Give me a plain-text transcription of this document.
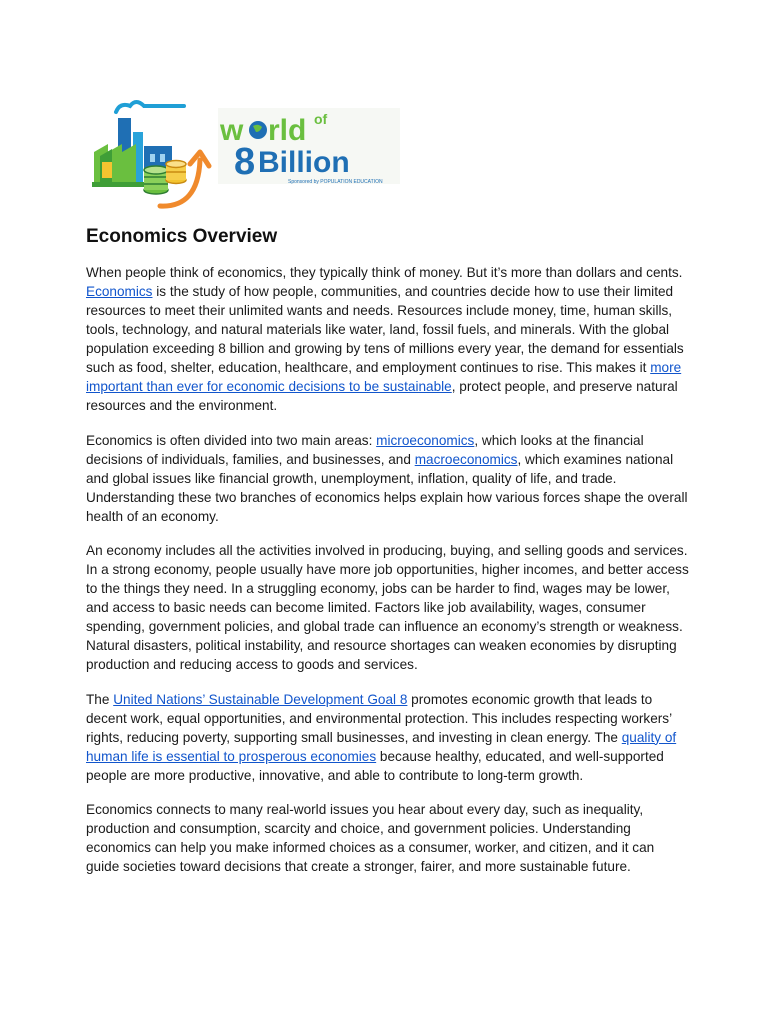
w rld of
8 Billion
Sponsored by POPULATION EDUCATION
Economics Overview

When people think of economics, they typically think of money. But it’s more than dollars and cents. Economics is the study of how people, communities, and countries decide how to use their limited resources to meet their unlimited wants and needs. Resources include money, time, human skills, tools, technology, and natural materials like water, land, fossil fuels, and minerals. With the global population exceeding 8 billion and growing by tens of millions every year, the demand for essentials such as food, shelter, education, healthcare, and employment continues to rise. This makes it more important than ever for economic decisions to be sustainable, protect people, and preserve natural resources and the environment.

Economics is often divided into two main areas: microeconomics, which looks at the financial decisions of individuals, families, and businesses, and macroeconomics, which examines national and global issues like financial growth, unemployment, inflation, quality of life, and trade. Understanding these two branches of economics helps explain how various forces shape the overall health of an economy.

An economy includes all the activities involved in producing, buying, and selling goods and services. In a strong economy, people usually have more job opportunities, higher incomes, and better access to the things they need. In a struggling economy, jobs can be harder to find, wages may be lower, and access to basic needs can become limited. Factors like job availability, wages, consumer spending, government policies, and global trade can influence an economy’s strength or weakness. Natural disasters, political instability, and resource shortages can weaken economies by disrupting production and reducing access to goods and services.

The United Nations’ Sustainable Development Goal 8 promotes economic growth that leads to decent work, equal opportunities, and environmental protection. This includes respecting workers’ rights, reducing poverty, supporting small businesses, and investing in clean energy. The quality of human life is essential to prosperous economies because healthy, educated, and well-supported people are more productive, innovative, and able to contribute to long-term growth.

Economics connects to many real-world issues you hear about every day, such as inequality, production and consumption, scarcity and choice, and government policies. Understanding economics can help you make informed choices as a consumer, worker, and citizen, and it can guide societies toward decisions that create a stronger, fairer, and more sustainable future.
